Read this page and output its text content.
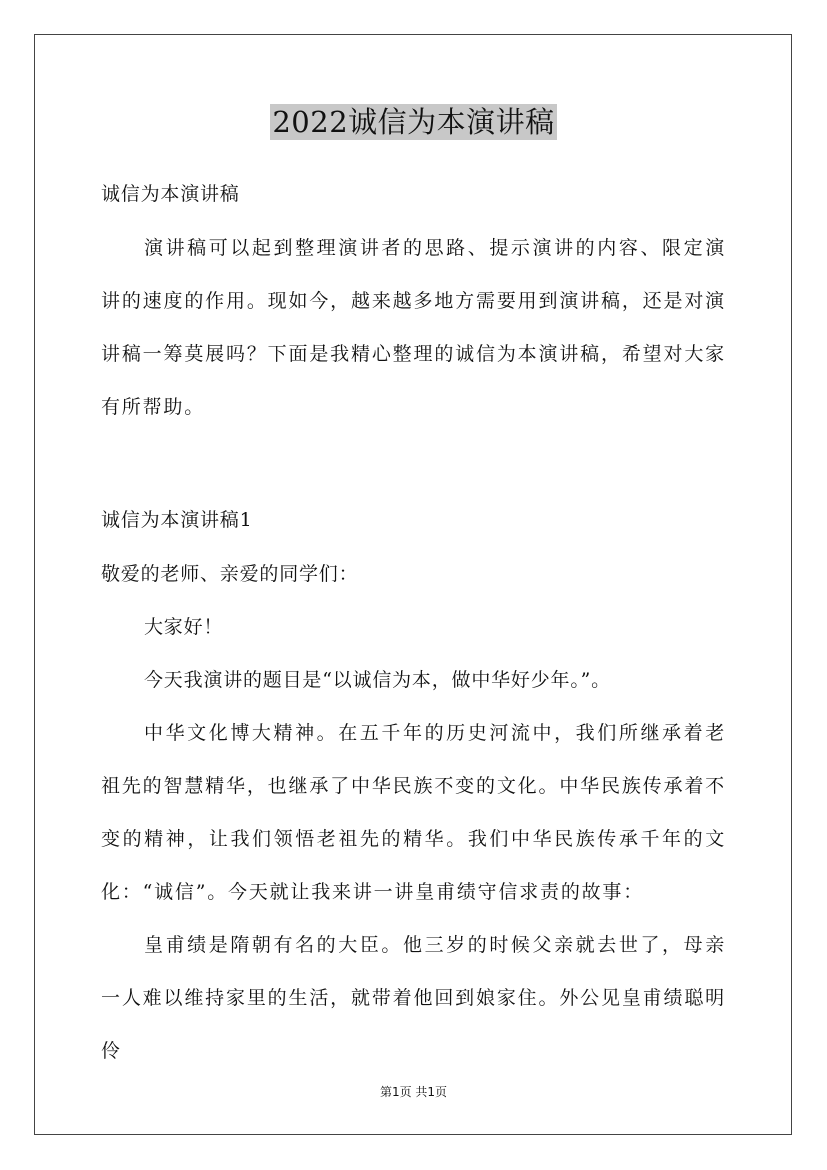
2022诚信为本演讲稿

诚信为本演讲稿

演讲稿可以起到整理演讲者的思路、提示演讲的内容、限定演讲的速度的作用。现如今，越来越多地方需要用到演讲稿，还是对演讲稿一筹莫展吗？下面是我精心整理的诚信为本演讲稿，希望对大家有所帮助。

诚信为本演讲稿1

敬爱的老师、亲爱的同学们：

大家好！

今天我演讲的题目是“以诚信为本，做中华好少年。”。

中华文化博大精神。在五千年的历史河流中，我们所继承着老祖先的智慧精华，也继承了中华民族不变的文化。中华民族传承着不变的精神，让我们领悟老祖先的精华。我们中华民族传承千年的文化：“诚信”。今天就让我来讲一讲皇甫绩守信求责的故事：

皇甫绩是隋朝有名的大臣。他三岁的时候父亲就去世了，母亲一人难以维持家里的生活，就带着他回到娘家住。外公见皇甫绩聪明伶

第1页 共1页
